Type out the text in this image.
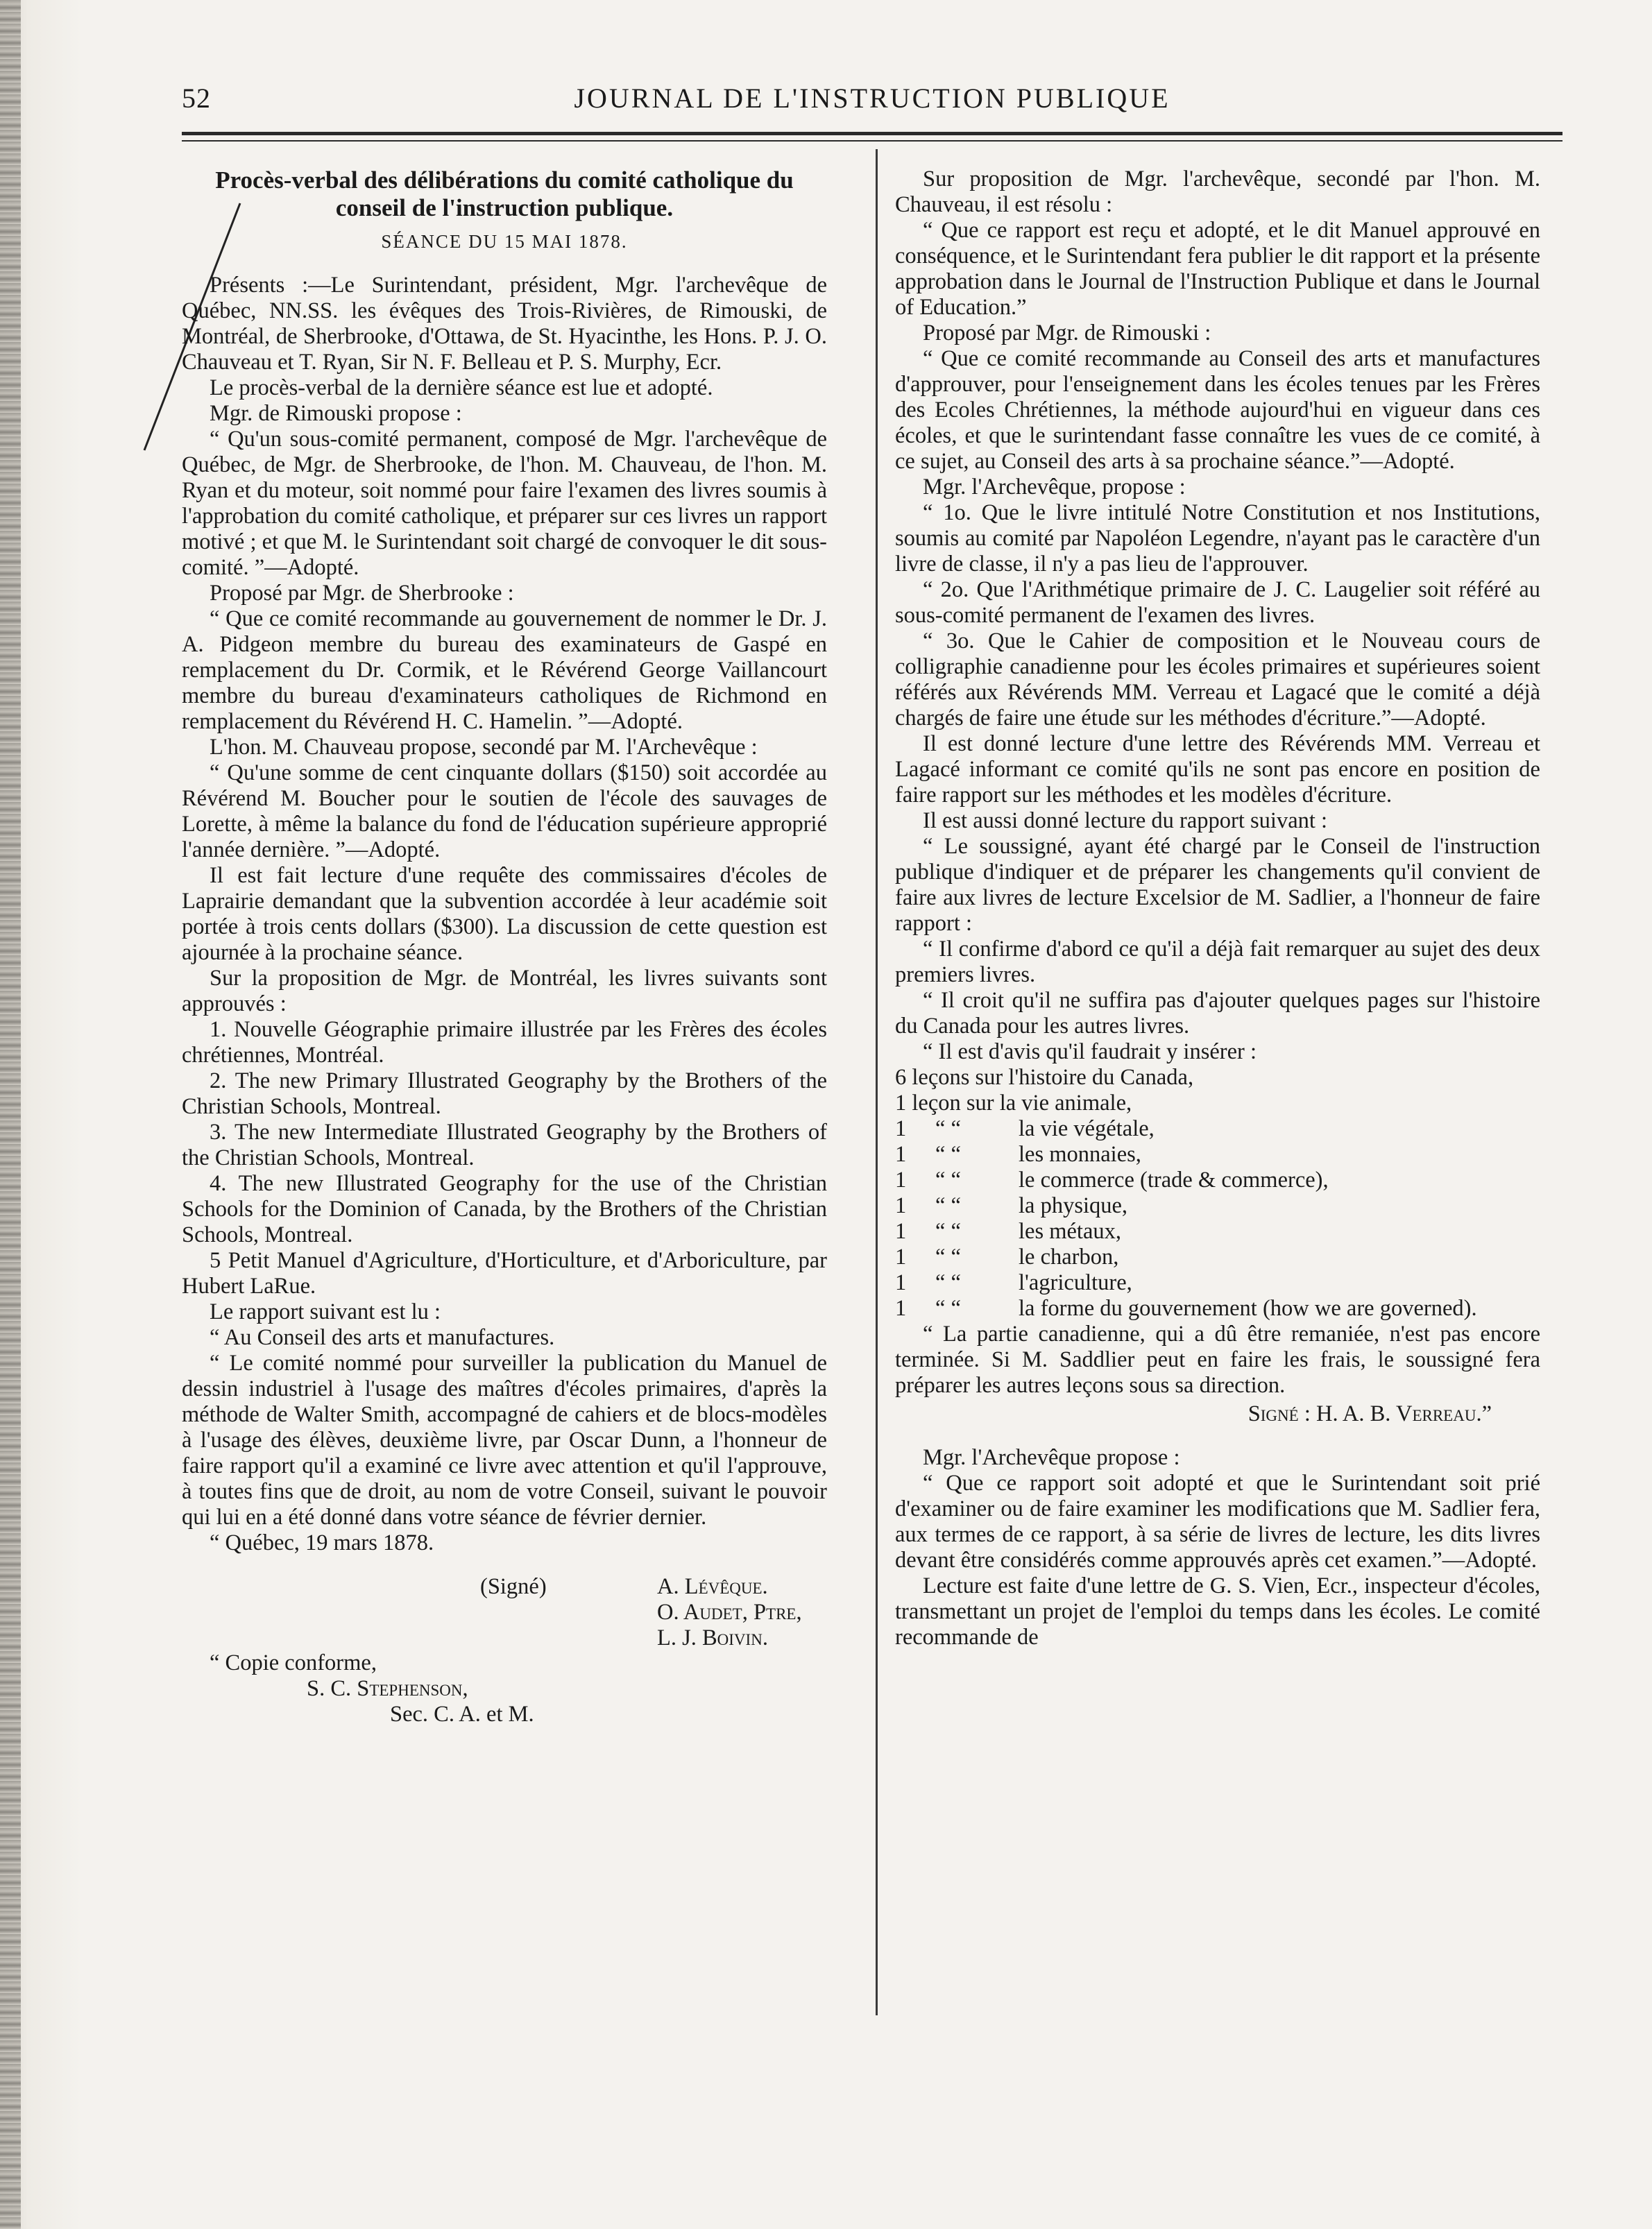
52	JOURNAL DE L'INSTRUCTION PUBLIQUE
Procès-verbal des délibérations du comité catholique du conseil de l'instruction publique.
SÉANCE DU 15 MAI 1878.

Présents :—Le Surintendant, président, Mgr. l'archevêque de Québec, NN.SS. les évêques des Trois-Rivières, de Rimouski, de Montréal, de Sherbrooke, d'Ottawa, de St. Hyacinthe, les Hons. P. J. O. Chauveau et T. Ryan, Sir N. F. Belleau et P. S. Murphy, Ecr.

Le procès-verbal de la dernière séance est lue et adopté.

Mgr. de Rimouski propose :

“ Qu'un sous-comité permanent, composé de Mgr. l'archevêque de Québec, de Mgr. de Sherbrooke, de l'hon. M. Chauveau, de l'hon. M. Ryan et du moteur, soit nommé pour faire l'examen des livres soumis à l'approbation du comité catholique, et préparer sur ces livres un rapport motivé ; et que M. le Surintendant soit chargé de convoquer le dit sous-comité. ”—Adopté.

Proposé par Mgr. de Sherbrooke :

“ Que ce comité recommande au gouvernement de nommer le Dr. J. A. Pidgeon membre du bureau des examinateurs de Gaspé en remplacement du Dr. Cormik, et le Révérend George Vaillancourt membre du bureau d'examinateurs catholiques de Richmond en remplacement du Révérend H. C. Hamelin. ”—Adopté.

L'hon. M. Chauveau propose, secondé par M. l'Archevêque :

“ Qu'une somme de cent cinquante dollars ($150) soit accordée au Révérend M. Boucher pour le soutien de l'école des sauvages de Lorette, à même la balance du fond de l'éducation supérieure approprié l'année dernière. ”—Adopté.

Il est fait lecture d'une requête des commissaires d'écoles de Laprairie demandant que la subvention accordée à leur académie soit portée à trois cents dollars ($300). La discussion de cette question est ajournée à la prochaine séance.

Sur la proposition de Mgr. de Montréal, les livres suivants sont approuvés :

1. Nouvelle Géographie primaire illustrée par les Frères des écoles chrétiennes, Montréal.

2. The new Primary Illustrated Geography by the Brothers of the Christian Schools, Montreal.

3. The new Intermediate Illustrated Geography by the Brothers of the Christian Schools, Montreal.

4. The new Illustrated Geography for the use of the Christian Schools for the Dominion of Canada, by the Brothers of the Christian Schools, Montreal.

5 Petit Manuel d'Agriculture, d'Horticulture, et d'Arboriculture, par Hubert LaRue.

Le rapport suivant est lu :

“ Au Conseil des arts et manufactures.

“ Le comité nommé pour surveiller la publication du Manuel de dessin industriel à l'usage des maîtres d'écoles primaires, d'après la méthode de Walter Smith, accompagné de cahiers et de blocs-modèles à l'usage des élèves, deuxième livre, par Oscar Dunn, a l'honneur de faire rapport qu'il a examiné ce livre avec attention et qu'il l'approuve, à toutes fins que de droit, au nom de votre Conseil, suivant le pouvoir qui lui en a été donné dans votre séance de février dernier.

“ Québec, 19 mars 1878.

(Signé)	A. Lévêque.
O. Audet, Ptre,
L. J. Boivin.
“ Copie conforme,
S. C. Stephenson,
Sec. C. A. et M.

Sur proposition de Mgr. l'archevêque, secondé par l'hon. M. Chauveau, il est résolu :

“ Que ce rapport est reçu et adopté, et le dit Manuel approuvé en conséquence, et le Surintendant fera publier le dit rapport et la présente approbation dans le Journal de l'Instruction Publique et dans le Journal of Education.”

Proposé par Mgr. de Rimouski :

“ Que ce comité recommande au Conseil des arts et manufactures d'approuver, pour l'enseignement dans les écoles tenues par les Frères des Ecoles Chrétiennes, la méthode aujourd'hui en vigueur dans ces écoles, et que le surintendant fasse connaître les vues de ce comité, à ce sujet, au Conseil des arts à sa prochaine séance.”—Adopté.

Mgr. l'Archevêque, propose :

“ 1o. Que le livre intitulé Notre Constitution et nos Institutions, soumis au comité par Napoléon Legendre, n'ayant pas le caractère d'un livre de classe, il n'y a pas lieu de l'approuver.

“ 2o. Que l'Arithmétique primaire de J. C. Laugelier soit référé au sous-comité permanent de l'examen des livres.

“ 3o. Que le Cahier de composition et le Nouveau cours de colligraphie canadienne pour les écoles primaires et supérieures soient référés aux Révérends MM. Verreau et Lagacé que le comité a déjà chargés de faire une étude sur les méthodes d'écriture.”—Adopté.

Il est donné lecture d'une lettre des Révérends MM. Verreau et Lagacé informant ce comité qu'ils ne sont pas encore en position de faire rapport sur les méthodes et les modèles d'écriture.

Il est aussi donné lecture du rapport suivant :

“ Le soussigné, ayant été chargé par le Conseil de l'instruction publique d'indiquer et de préparer les changements qu'il convient de faire aux livres de lecture Excelsior de M. Sadlier, a l'honneur de faire rapport :

“ Il confirme d'abord ce qu'il a déjà fait remarquer au sujet des deux premiers livres.

“ Il croit qu'il ne suffira pas d'ajouter quelques pages sur l'histoire du Canada pour les autres livres.

“ Il est d'avis qu'il faudrait y insérer :

6 leçons sur l'histoire du Canada,

1 leçon sur la vie animale,

1	“ “	la vie végétale,
1	“ “	les monnaies,
1	“ “	le commerce (trade & commerce),
1	“ “	la physique,
1	“ “	les métaux,
1	“ “	le charbon,
1	“ “	l'agriculture,
1	“ “	la forme du gouvernement (how we are governed).

“ La partie canadienne, qui a dû être remaniée, n'est pas encore terminée. Si M. Saddlier peut en faire les frais, le soussigné fera préparer les autres leçons sous sa direction.

Signé : H. A. B. Verreau.”

Mgr. l'Archevêque propose :

“ Que ce rapport soit adopté et que le Surintendant soit prié d'examiner ou de faire examiner les modifications que M. Sadlier fera, aux termes de ce rapport, à sa série de livres de lecture, les dits livres devant être considérés comme approuvés après cet examen.”—Adopté.

Lecture est faite d'une lettre de G. S. Vien, Ecr., inspecteur d'écoles, transmettant un projet de l'emploi du temps dans les écoles. Le comité recommande de
